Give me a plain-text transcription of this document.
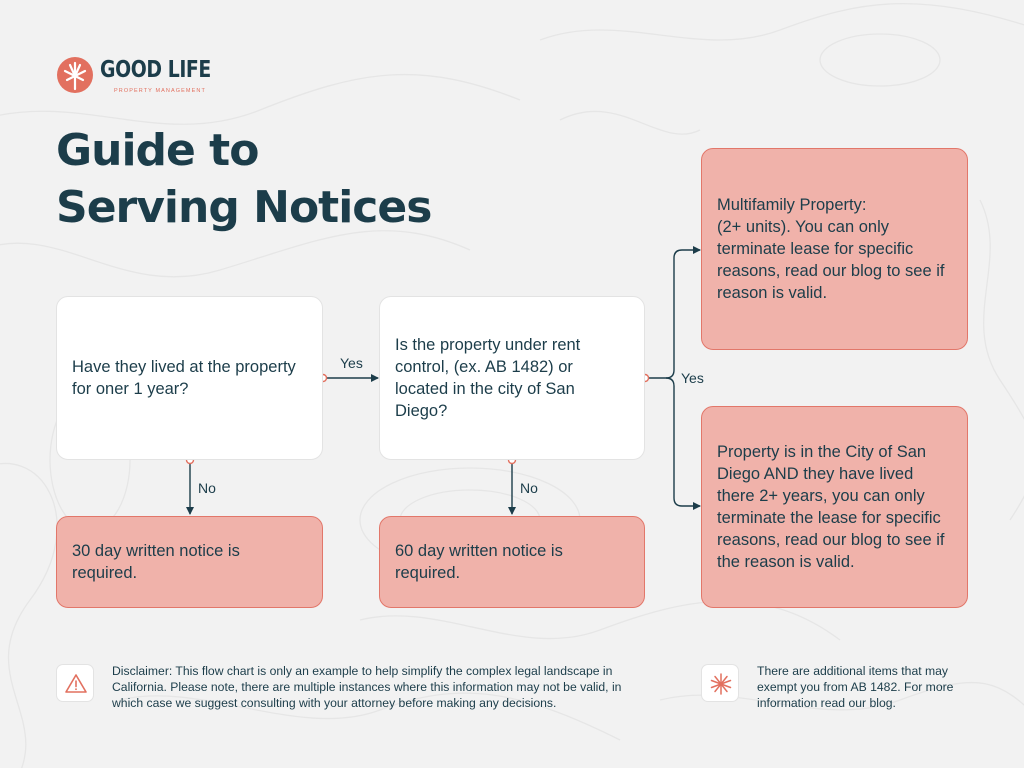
GOOD LIFE
PROPERTY MANAGEMENT
Guide to
Serving Notices
Have they lived at the property for oner 1 year?
Is the property under rent control, (ex. AB 1482) or located in the city of San Diego?
30 day written notice is required.
60 day written notice is required.
Multifamily Property:
(2+ units). You can only terminate lease for specific reasons, read our blog to see if reason is valid.
Property is in the City of San Diego AND they have lived there 2+ years, you can only terminate the lease for specific reasons, read our blog to see if the reason is valid.
Yes
Yes
No	No
Disclaimer: This flow chart is only an example to help simplify the complex legal landscape in California. Please note, there are multiple instances where this information may not be valid, in which case we suggest consulting with your attorney before making any decisions.
There are additional items that may exempt you from AB 1482. For more information read our blog.
